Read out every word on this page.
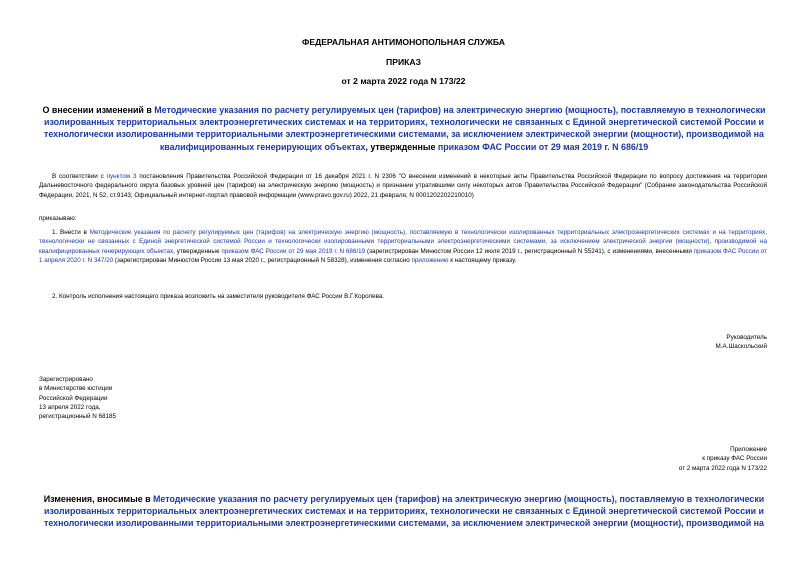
ФЕДЕРАЛЬНАЯ АНТИМОНОПОЛЬНАЯ СЛУЖБА
ПРИКАЗ
от 2 марта 2022 года N 173/22
О внесении изменений в Методические указания по расчету регулируемых цен (тарифов) на электрическую энергию (мощность), поставляемую в технологически изолированных территориальных электроэнергетических системах и на территориях, технологически не связанных с Единой энергетической системой России и технологически изолированными территориальными электроэнергетическими системами, за исключением электрической энергии (мощности), производимой на квалифицированных генерирующих объектах, утвержденные приказом ФАС России от 29 мая 2019 г. N 686/19
В соответствии с пунктом 3 постановления Правительства Российской Федерации от 16 декабря 2021 г. N 2306 "О внесении изменений в некоторые акты Правительства Российской Федерации по вопросу достижения на территории Дальневосточного федерального округа базовых уровней цен (тарифов) на электрическую энергию (мощность) и признании утратившими силу некоторых актов Правительства Российской Федерации" (Собрание законодательства Российской Федерации, 2021, N 52, ст.9143; Официальный интернет-портал правовой информации (www.pravo.gov.ru) 2022, 21 февраля, N 0001202202210010)
приказываю:
1. Внести в Методические указания по расчету регулируемых цен (тарифов) на электрическую энергию (мощность), поставляемую в технологически изолированных территориальных электроэнергетических системах и на территориях, технологически не связанных с Единой энергетической системой России и технологически изолированными территориальными электроэнергетическими системами, за исключением электрической энергии (мощности), производимой на квалифицированных генерирующих объектах, утвержденные приказом ФАС России от 29 мая 2019 г. N 686/19 (зарегистрирован Минюстом России 12 июля 2019 г., регистрационный N 55241), с изменениями, внесенными приказом ФАС России от 1 апреля 2020 г. N 347/20 (зарегистрирован Минюстом России 13 мая 2020 г., регистрационный N 58328), изменения согласно приложению к настоящему приказу.
2. Контроль исполнения настоящего приказа возложить на заместителя руководителя ФАС России В.Г.Королева.
Руководитель
М.А.Шаскольский
Зарегистрировано
в Министерстве юстиции
Российской Федерации
13 апреля 2022 года,
регистрационный N 68185
Приложение
к приказу ФАС России
от 2 марта 2022 года N 173/22
Изменения, вносимые в Методические указания по расчету регулируемых цен (тарифов) на электрическую энергию (мощность), поставляемую в технологически изолированных территориальных электроэнергетических системах и на территориях, технологически не связанных с Единой энергетической системой России и технологически изолированными территориальными электроэнергетическими системами, за исключением электрической энергии (мощности), производимой на
